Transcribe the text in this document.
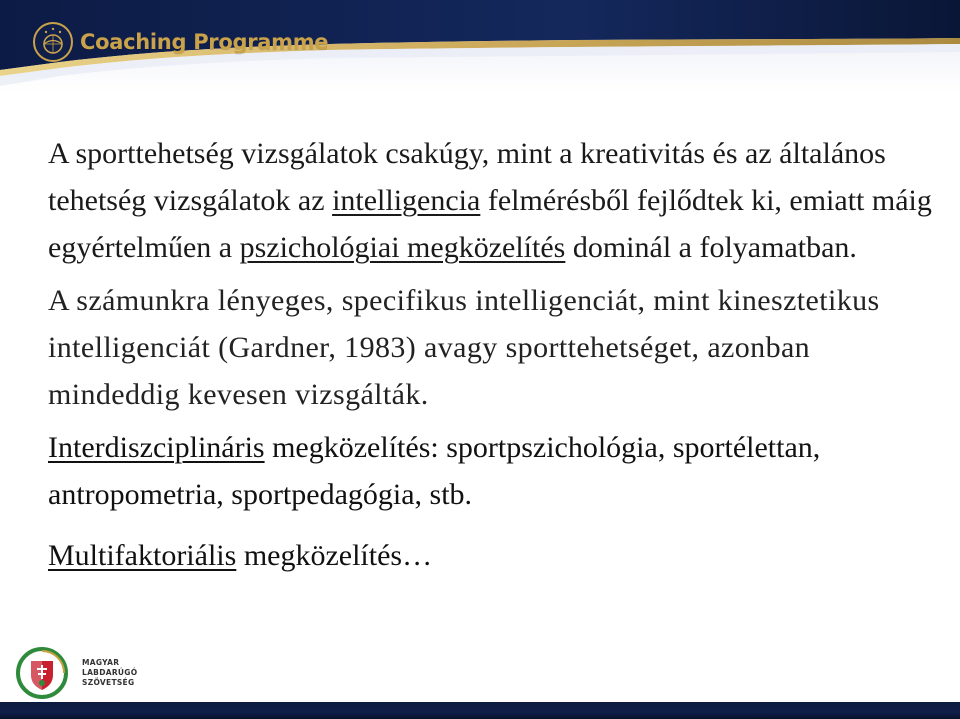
Coaching Programme

A sporttehetség vizsgálatok csakúgy, mint a kreativitás és az általános tehetség vizsgálatok az intelligencia felmérésből fejlődtek ki, emiatt máig egyértelműen a pszichológiai megközelítés dominál a folyamatban.

A számunkra lényeges, specifikus intelligenciát, mint kinesztetikus intelligenciát (Gardner, 1983) avagy sporttehetséget, azonban mindeddig kevesen vizsgálták.

Interdiszciplináris megközelítés: sportpszichológia, sportélettan, antropometria, sportpedagógia, stb.

Multifaktoriális megközelítés…

MAGYAR
LABDARÚGÓ
SZÖVETSÉG
